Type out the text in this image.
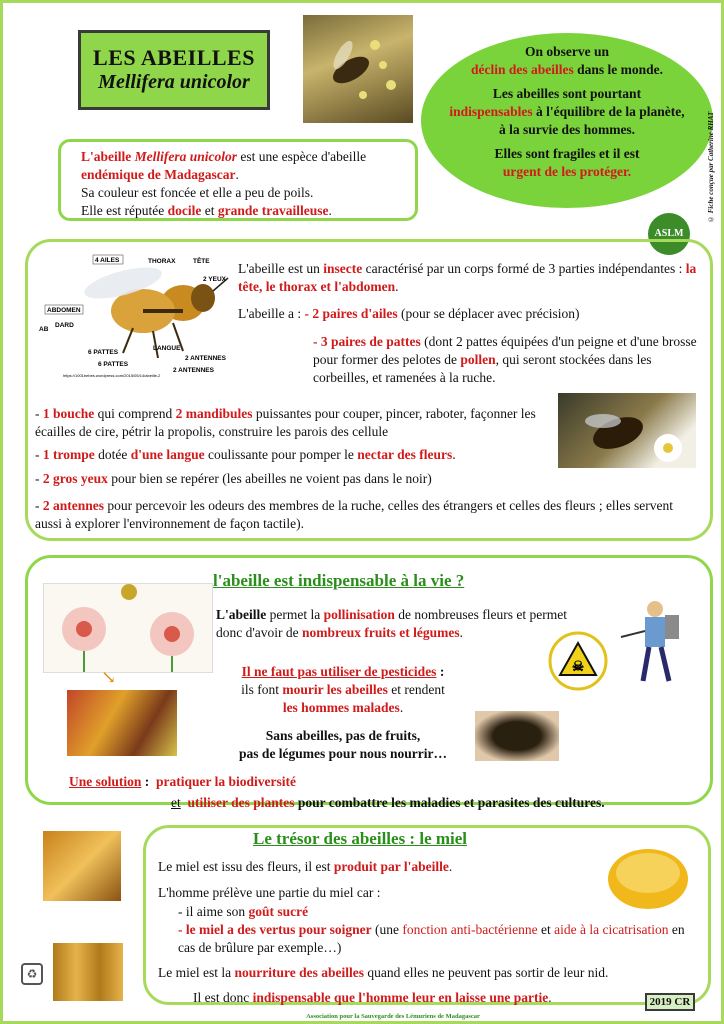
LES ABEILLES
Mellifera unicolor

On observe un
déclin des abeilles dans le monde.

Les abeilles sont pourtant
indispensables à l'équilibre de la planète, à la survie des hommes.

Elles sont fragiles et il est
urgent de les protéger.	© Fiche conçue par Catherine RHAT
L'abeille Mellifera unicolor est une espèce d'abeille
endémique de Madagascar.
Sa couleur est foncée et elle a peu de poils.
Elle est réputée docile et grande travailleuse.
ASLM
4 AILES	THORAX	TÊTE
2 YEUX
ABDOMEN
DARD
AB
6 PATTES
LANGUE
2 ANTENNES
6 PATTES
2 ANTENNES
https://1001bebes.wordpress.com/2015/05/14/abeille-2
L'abeille est un insecte caractérisé par un corps formé de 3 parties indépendantes : la tête, le thorax et l'abdomen.
L'abeille a : - 2 paires d'ailes (pour se déplacer avec précision)
- 3 paires de pattes (dont 2 pattes équipées d'un peigne et d'une brosse pour former des pelotes de pollen, qui seront stockées dans les corbeilles, et ramenées à la ruche.
- 1 bouche qui comprend 2 mandibules puissantes pour couper, pincer, raboter, façonner les écailles de cire, pétrir la propolis, construire les parois des cellule
- 1 trompe dotée d'une langue coulissante pour pomper le nectar des fleurs.
- 2 gros yeux pour bien se repérer (les abeilles ne voient pas dans le noir)
- 2 antennes pour percevoir les odeurs des membres de la ruche, celles des étrangers et celles des fleurs ; elles servent aussi à explorer l'environnement de façon tactile).
l'abeille est indispensable à la vie ?
↘
L'abeille permet la pollinisation de nombreuses fleurs et permet donc d'avoir de nombreux fruits et légumes.
Il ne faut pas utiliser de pesticides :
ils font mourir les abeilles et rendent
les hommes malades.
☠
Sans abeilles, pas de fruits,
pas de légumes pour nous nourrir…
Une solution : pratiquer la biodiversité
et utiliser des plantes pour combattre les maladies et parasites des cultures.
Le trésor des abeilles : le miel
♻
Le miel est issu des fleurs, il est produit par l'abeille.
L'homme prélève une partie du miel car :
- il aime son goût sucré
- le miel a des vertus pour soigner (une fonction anti-bactérienne et aide à la cicatrisation en cas de brûlure par exemple…)
Le miel est la nourriture des abeilles quand elles ne peuvent pas sortir de leur nid.
Il est donc indispensable que l'homme leur en laisse une partie.	2019 CR
Association pour la Sauvegarde des Lémuriens de Madagascar
